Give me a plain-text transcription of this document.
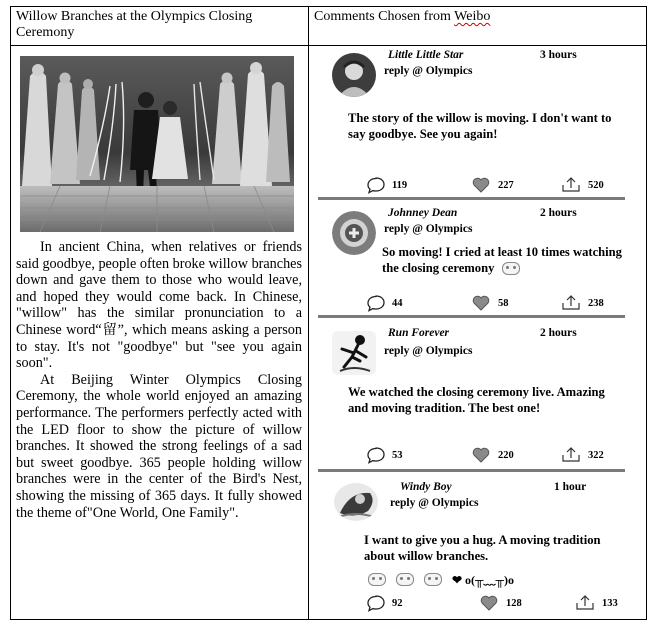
Willow Branches at the Olympics Closing Ceremony
Comments Chosen from Weibo

In ancient China, when relatives or friends said goodbye, people often broke willow branches down and gave them to those who would leave, and hoped they would come back. In Chinese, "willow" has the similar pronunciation to a Chinese word“留”, which means asking a person to stay. It's not "goodbye" but "see you again soon".

At Beijing Winter Olympics Closing Ceremony, the whole world enjoyed an amazing performance. The performers perfectly acted with the LED floor to show the picture of willow branches. It showed the strong feelings of a sad but sweet goodbye. 365 people holding willow branches were in the center of the Bird's Nest, showing the missing of 365 days. It fully showed the theme of"One World, One Family".

Little Little Star
reply @ Olympics
3 hours
The story of the willow is moving. I don't want to say goodbye. See you again!
119	227	520
Johnney Dean
reply @ Olympics
2 hours
So moving! I cried at least 10 times watching the closing ceremony
44	58	238
Run Forever
reply @ Olympics
2 hours
We watched the closing ceremony live. Amazing and moving tradition. The best one!
53	220	322
Windy Boy
reply @ Olympics
1 hour
I want to give you a hug. A moving tradition about willow branches.
❤ o(╥﹏╥)o
92	128	133
